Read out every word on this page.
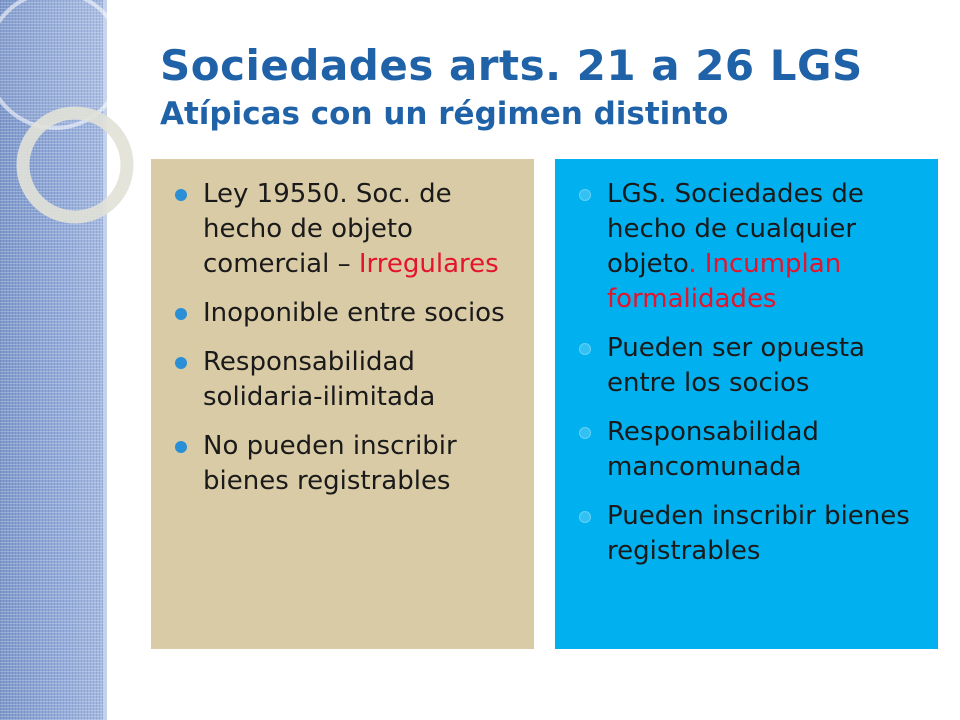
Sociedades arts. 21 a 26 LGS
Atípicas con un régimen distinto
Ley 19550. Soc. de hecho de objeto comercial – Irregulares
Inoponible entre socios
Responsabilidad solidaria-ilimitada
No pueden inscribir bienes registrables
LGS. Sociedades de hecho de cualquier objeto. Incumplan formalidades
Pueden ser opuesta entre los socios
Responsabilidad mancomunada
Pueden inscribir bienes registrables
